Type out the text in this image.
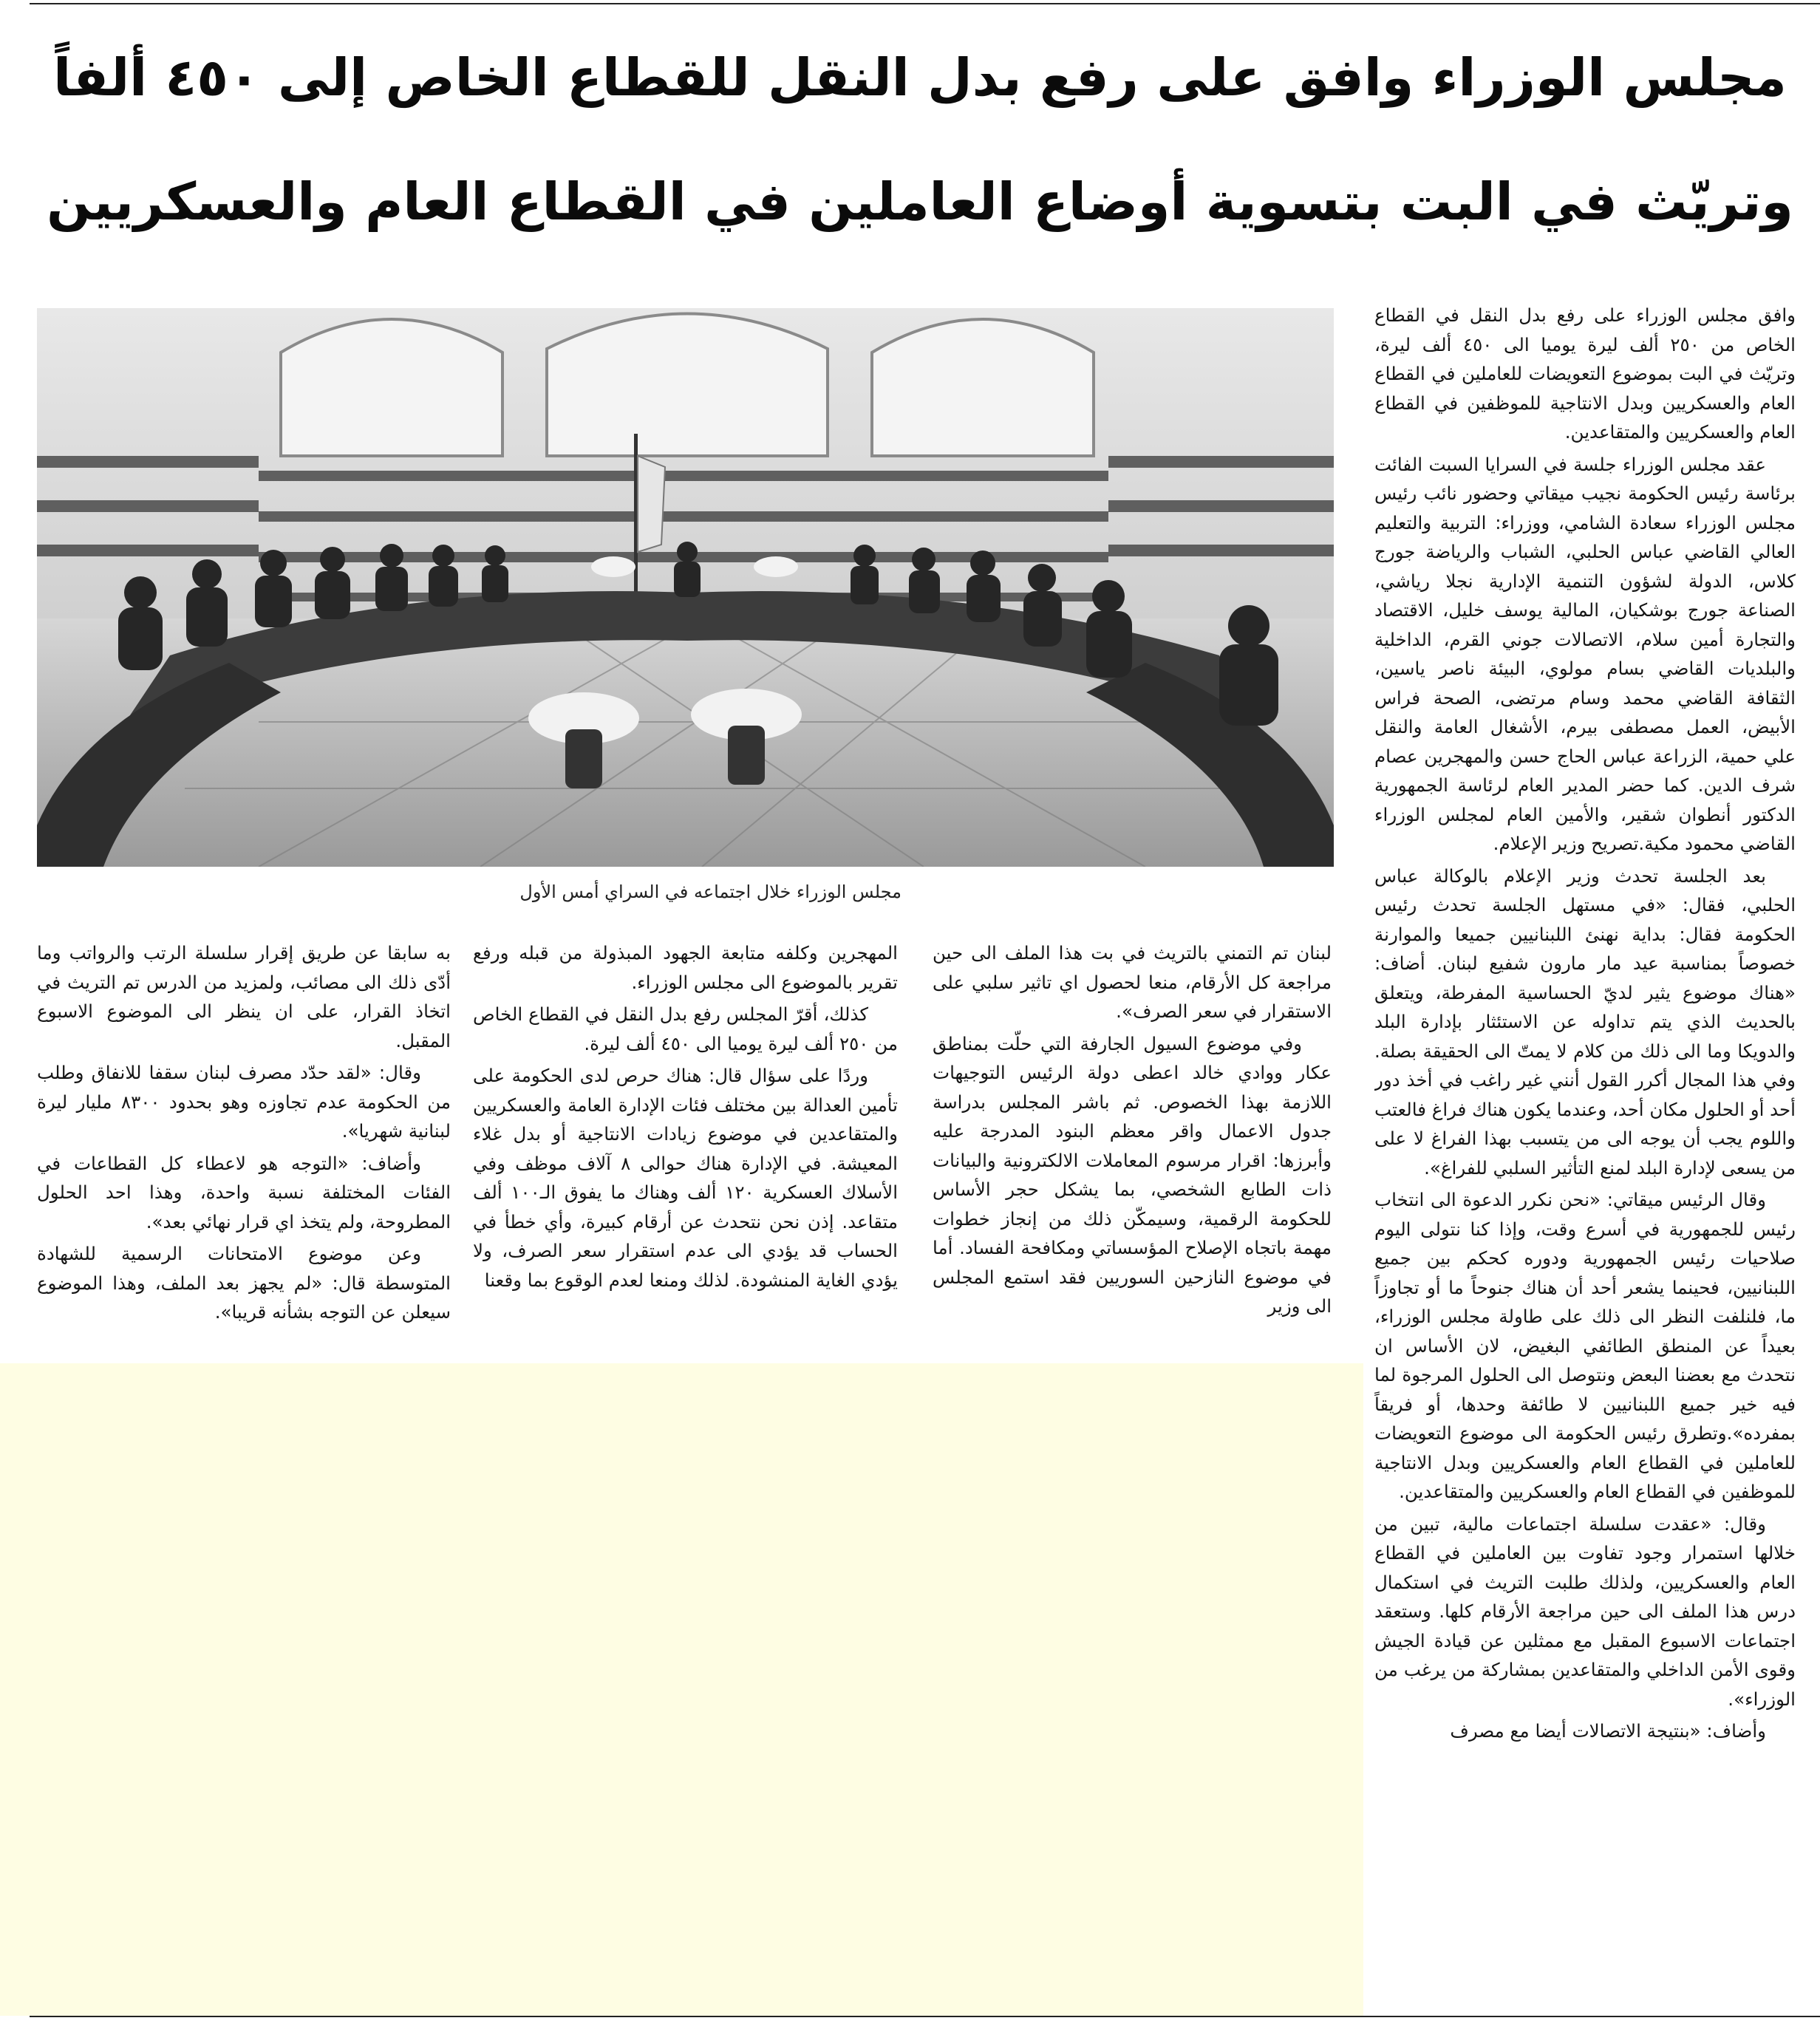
مجلس الوزراء وافق على رفع بدل النقل للقطاع الخاص إلى ٤٥٠ ألفاً
وتريّث في البت بتسوية أوضاع العاملين في القطاع العام والعسكريين
مجلس الوزراء خلال اجتماعه في السراي أمس الأول

وافق مجلس الوزراء على رفع بدل النقل في القطاع الخاص من ٢٥٠ ألف ليرة يوميا الى ٤٥٠ ألف ليرة، وتريّث في البت بموضوع التعويضات للعاملين في القطاع العام والعسكريين وبدل الانتاجية للموظفين في القطاع العام والعسكريين والمتقاعدين.

عقد مجلس الوزراء جلسة في السرايا السبت الفائت برئاسة رئيس الحكومة نجيب ميقاتي وحضور نائب رئيس مجلس الوزراء سعادة الشامي، ووزراء: التربية والتعليم العالي القاضي عباس الحلبي، الشباب والرياضة جورج كلاس، الدولة لشؤون التنمية الإدارية نجلا رياشي، الصناعة جورج بوشكيان، المالية يوسف خليل، الاقتصاد والتجارة أمين سلام، الاتصالات جوني القرم، الداخلية والبلديات القاضي بسام مولوي، البيئة ناصر ياسين، الثقافة القاضي محمد وسام مرتضى، الصحة فراس الأبيض، العمل مصطفى بيرم، الأشغال العامة والنقل علي حمية، الزراعة عباس الحاج حسن والمهجرين عصام شرف الدين. كما حضر المدير العام لرئاسة الجمهورية الدكتور أنطوان شقير، والأمين العام لمجلس الوزراء القاضي محمود مكية.تصريح وزير الإعلام.

بعد الجلسة تحدث وزير الإعلام بالوكالة عباس الحلبي، فقال: «في مستهل الجلسة تحدث رئيس الحكومة فقال: بداية نهنئ اللبنانيين جميعا والموارنة خصوصاً بمناسبة عيد مار مارون شفيع لبنان. أضاف: «هناك موضوع يثير لديّ الحساسية المفرطة، ويتعلق بالحديث الذي يتم تداوله عن الاستئثار بإدارة البلد والدويكا وما الى ذلك من كلام لا يمتّ الى الحقيقة بصلة. وفي هذا المجال أكرر القول أنني غير راغب في أخذ دور أحد أو الحلول مكان أحد، وعندما يكون هناك فراغ فالعتب واللوم يجب أن يوجه الى من يتسبب بهذا الفراغ لا على من يسعى لإدارة البلد لمنع التأثير السلبي للفراغ».

وقال الرئيس ميقاتي: «نحن نكرر الدعوة الى انتخاب رئيس للجمهورية في أسرع وقت، وإذا كنا نتولى اليوم صلاحيات رئيس الجمهورية ودوره كحكم بين جميع اللبنانيين، فحينما يشعر أحد أن هناك جنوحاً ما أو تجاوزاً ما، فلنلفت النظر الى ذلك على طاولة مجلس الوزراء، بعيداً عن المنطق الطائفي البغيض، لان الأساس ان نتحدث مع بعضنا البعض ونتوصل الى الحلول المرجوة لما فيه خير جميع اللبنانيين لا طائفة وحدها، أو فريقاً بمفرده».وتطرق رئيس الحكومة الى موضوع التعويضات للعاملين في القطاع العام والعسكريين وبدل الانتاجية للموظفين في القطاع العام والعسكريين والمتقاعدين.

وقال: «عقدت سلسلة اجتماعات مالية، تبين من خلالها استمرار وجود تفاوت بين العاملين في القطاع العام والعسكريين، ولذلك طلبت التريث في استكمال درس هذا الملف الى حين مراجعة الأرقام كلها. وستعقد اجتماعات الاسبوع المقبل مع ممثلين عن قيادة الجيش وقوى الأمن الداخلي والمتقاعدين بمشاركة من يرغب من الوزراء».

وأضاف: «بنتيجة الاتصالات أيضا مع مصرف

لبنان تم التمني بالتريث في بت هذا الملف الى حين مراجعة كل الأرقام، منعا لحصول اي تاثير سلبي على الاستقرار في سعر الصرف».

وفي موضوع السيول الجارفة التي حلّت بمناطق عكار ووادي خالد اعطى دولة الرئيس التوجيهات اللازمة بهذا الخصوص. ثم باشر المجلس بدراسة جدول الاعمال واقر معظم البنود المدرجة عليه وأبرزها: اقرار مرسوم المعاملات الالكترونية والبيانات ذات الطابع الشخصي، بما يشكل حجر الأساس للحكومة الرقمية، وسيمكّن ذلك من إنجاز خطوات مهمة باتجاه الإصلاح المؤسساتي ومكافحة الفساد. أما في موضوع النازحين السوريين فقد استمع المجلس الى وزير

المهجرين وكلفه متابعة الجهود المبذولة من قبله ورفع تقرير بالموضوع الى مجلس الوزراء.

كذلك، أقرّ المجلس رفع بدل النقل في القطاع الخاص من ٢٥٠ ألف ليرة يوميا الى ٤٥٠ ألف ليرة.

وردًا على سؤال قال: هناك حرص لدى الحكومة على تأمين العدالة بين مختلف فئات الإدارة العامة والعسكريين والمتقاعدين في موضوع زيادات الانتاجية أو بدل غلاء المعيشة. في الإدارة هناك حوالى ٨ آلاف موظف وفي الأسلاك العسكرية ١٢٠ ألف وهناك ما يفوق الـ١٠٠ ألف متقاعد. إذن نحن نتحدث عن أرقام كبيرة، وأي خطأ في الحساب قد يؤدي الى عدم استقرار سعر الصرف، ولا يؤدي الغاية المنشودة. لذلك ومنعا لعدم الوقوع بما وقعنا

به سابقا عن طريق إقرار سلسلة الرتب والرواتب وما أدّى ذلك الى مصائب، ولمزيد من الدرس تم التريث في اتخاذ القرار، على ان ينظر الى الموضوع الاسبوع المقبل.

وقال: «لقد حدّد مصرف لبنان سقفا للانفاق وطلب من الحكومة عدم تجاوزه وهو بحدود ٨٣٠٠ مليار ليرة لبنانية شهريا».

وأضاف: «التوجه هو لاعطاء كل القطاعات في الفئات المختلفة نسبة واحدة، وهذا احد الحلول المطروحة، ولم يتخذ اي قرار نهائي بعد».

وعن موضوع الامتحانات الرسمية للشهادة المتوسطة قال: «لم يجهز بعد الملف، وهذا الموضوع سيعلن عن التوجه بشأنه قريبا».
